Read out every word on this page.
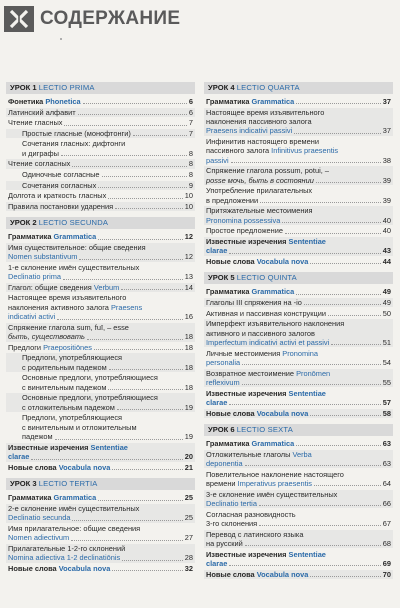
СОДЕРЖАНИЕ
УРОК 1 LECTIO PRIMA
Фонетика Phonetica	6
Латинский алфавит	6
Чтение гласных	7
Простые гласные (монофтонги)	7
Сочетания гласных: дифтонги
и диграфы	8
Чтение согласных	8
Одиночные согласные	8
Сочетания согласных	9
Долгота и краткость гласных	10
Правила постановки ударения	10
УРОК 2 LECTIO SECUNDA
Грамматика Grammatica	12
Имя существительное: общие сведения
Nomen substantivum	12
1-е склонение имён существительных
Declinatio prima	13
Глагол: общие сведения Verbum	14
Настоящее время изъявительного
наклонения активного залога Praesens
indicativi activi	16
Спряжение глагола sum, fuī, – esse
быть, существовать	18
Предлоги Praepositiōnes	18
Предлоги, употребляющиеся
с родительным падежом	18
Основные предлоги, употребляющиеся
с винительным падежом	18
Основные предлоги, употребляющиеся
с отложительным падежом	19
Предлоги, употребляющиеся
с винительным и отложительным
падежом	19
Известные изречения Sententiae
clarae	20
Новые слова Vocabula nova	21
УРОК 3 LECTIO TERTIA
Грамматика Grammatica	25
2-е склонение имён существительных
Declinatio secunda	25
Имя прилагательное: общие сведения
Nomen adiectivum	27
Прилагательные 1-2-го склонений
Nomina adiectiva 1-2 declinatiōnis	28
Новые слова Vocabula nova	32
УРОК 4 LECTIO QUARTA
Грамматика Grammatica	37
Настоящее время изъявительного
наклонения пассивного залога
Praesens indicativi passivi	37
Инфинитив настоящего времени
пассивного залога Infinitivus praesentis
passivi	38
Спряжение глагола possum, potui, –
posse мочь, быть в состоянии	39
Употребление прилагательных
в предложении	39
Притяжательные местоимения
Pronomina possessiva	40
Простое предложение	40
Известные изречения Sententiae
clarae	43
Новые слова Vocabula nova	44
УРОК 5 LECTIO QUINTA
Грамматика Grammatica	49
Глаголы III спряжения на -io	49
Активная и пассивная конструкции	50
Имперфект изъявительного наклонения
активного и пассивного залогов
Imperfectum indicativi activi et passivi	51
Личные местоимения Pronomina
personalia	54
Возвратное местоимение Pronōmen
reflexivum	55
Известные изречения Sententiae
clarae	57
Новые слова Vocabula nova	58
УРОК 6 LECTIO SEXTA
Грамматика Grammatica	63
Отложительные глаголы Verba
deponentia	63
Повелительное наклонение настоящего
времени Imperativus praesentis	64
3-е склонение имён существительных
Declinatio tertia	66
Согласная разновидность
3-го склонения	67
Перевод с латинского языка
на русский	68
Известные изречения Sententiae
clarae	69
Новые слова Vocabula nova	70
